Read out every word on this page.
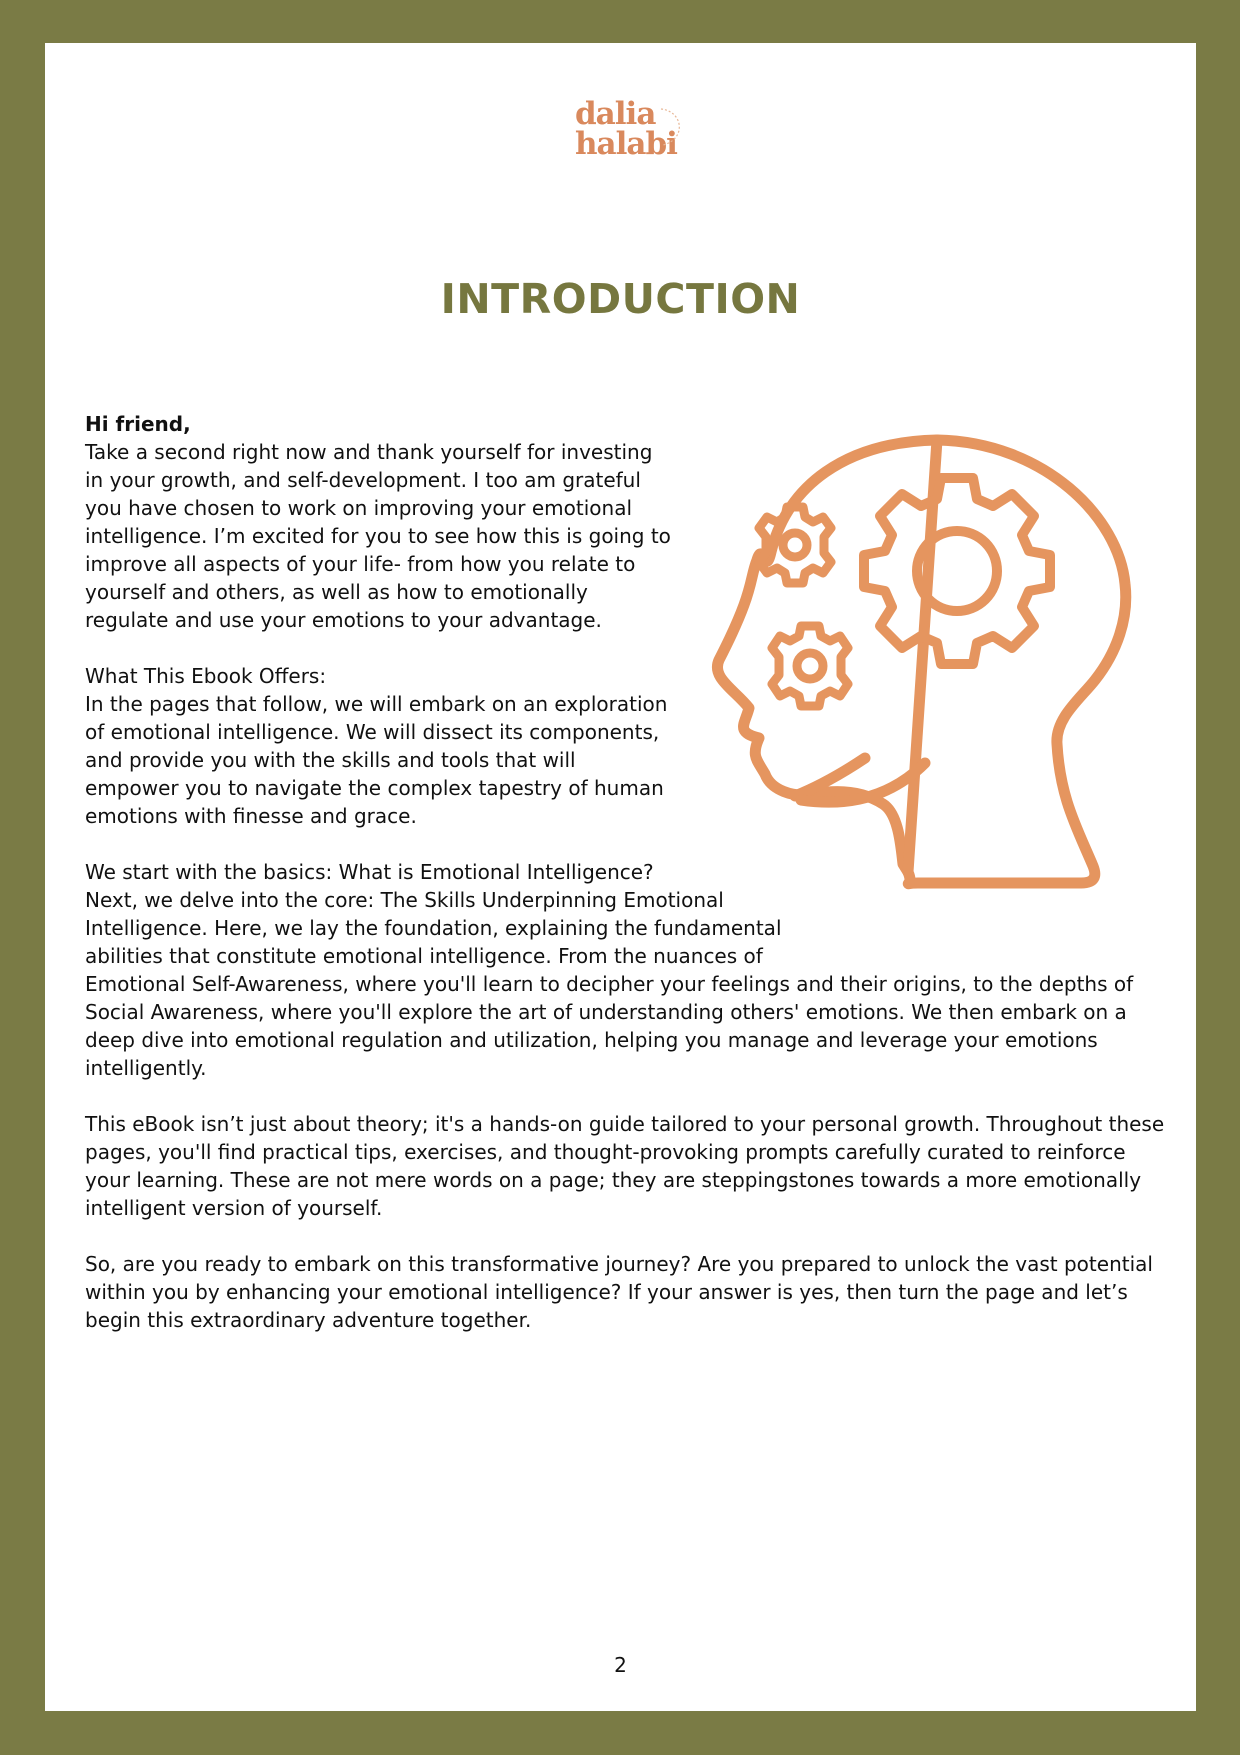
dalia
halabi
INTRODUCTION

Hi friend,

Take a second right now and thank yourself for investing in your growth, and self-development. I too am grateful you have chosen to work on improving your emotional intelligence. I’m excited for you to see how this is going to improve all aspects of your life- from how you relate to yourself and others, as well as how to emotionally regulate and use your emotions to your advantage.

What This Ebook Offers:

In the pages that follow, we will embark on an exploration of emotional intelligence. We will dissect its components, and provide you with the skills and tools that will empower you to navigate the complex tapestry of human emotions with finesse and grace.

We start with the basics: What is Emotional Intelligence?

Next, we delve into the core: The Skills Underpinning Emotional

Intelligence. Here, we lay the foundation, explaining the fundamental

abilities that constitute emotional intelligence. From the nuances of

Emotional Self-Awareness, where you'll learn to decipher your feelings and their origins, to the depths of Social Awareness, where you'll explore the art of understanding others' emotions. We then embark on a deep dive into emotional regulation and utilization, helping you manage and leverage your emotions intelligently.

This eBook isn’t just about theory; it's a hands-on guide tailored to your personal growth. Throughout these pages, you'll find practical tips, exercises, and thought-provoking prompts carefully curated to reinforce your learning. These are not mere words on a page; they are steppingstones towards a more emotionally intelligent version of yourself.

So, are you ready to embark on this transformative journey? Are you prepared to unlock the vast potential within you by enhancing your emotional intelligence? If your answer is yes, then turn the page and let’s begin this extraordinary adventure together.

2
